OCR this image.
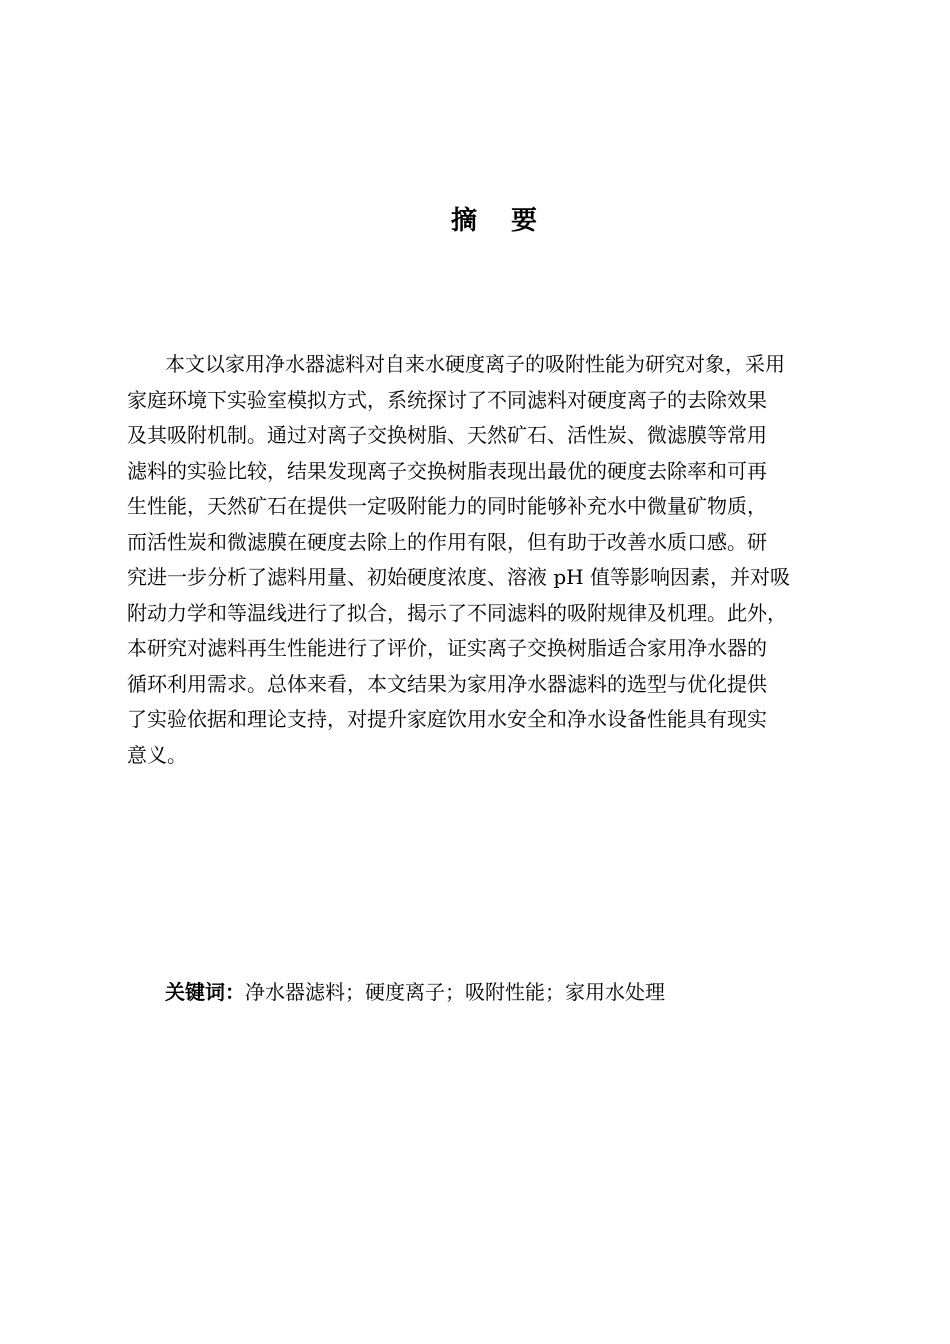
摘 要
本文以家用净水器滤料对自来水硬度离子的吸附性能为研究对象，采用
家庭环境下实验室模拟方式，系统探讨了不同滤料对硬度离子的去除效果
及其吸附机制。通过对离子交换树脂、天然矿石、活性炭、微滤膜等常用
滤料的实验比较，结果发现离子交换树脂表现出最优的硬度去除率和可再
生性能，天然矿石在提供一定吸附能力的同时能够补充水中微量矿物质，
而活性炭和微滤膜在硬度去除上的作用有限，但有助于改善水质口感。研
究进一步分析了滤料用量、初始硬度浓度、溶液 pH 值等影响因素，并对吸
附动力学和等温线进行了拟合，揭示了不同滤料的吸附规律及机理。此外，
本研究对滤料再生性能进行了评价，证实离子交换树脂适合家用净水器的
循环利用需求。总体来看，本文结果为家用净水器滤料的选型与优化提供
了实验依据和理论支持，对提升家庭饮用水安全和净水设备性能具有现实
意义。
关键词：净水器滤料；硬度离子；吸附性能；家用水处理
